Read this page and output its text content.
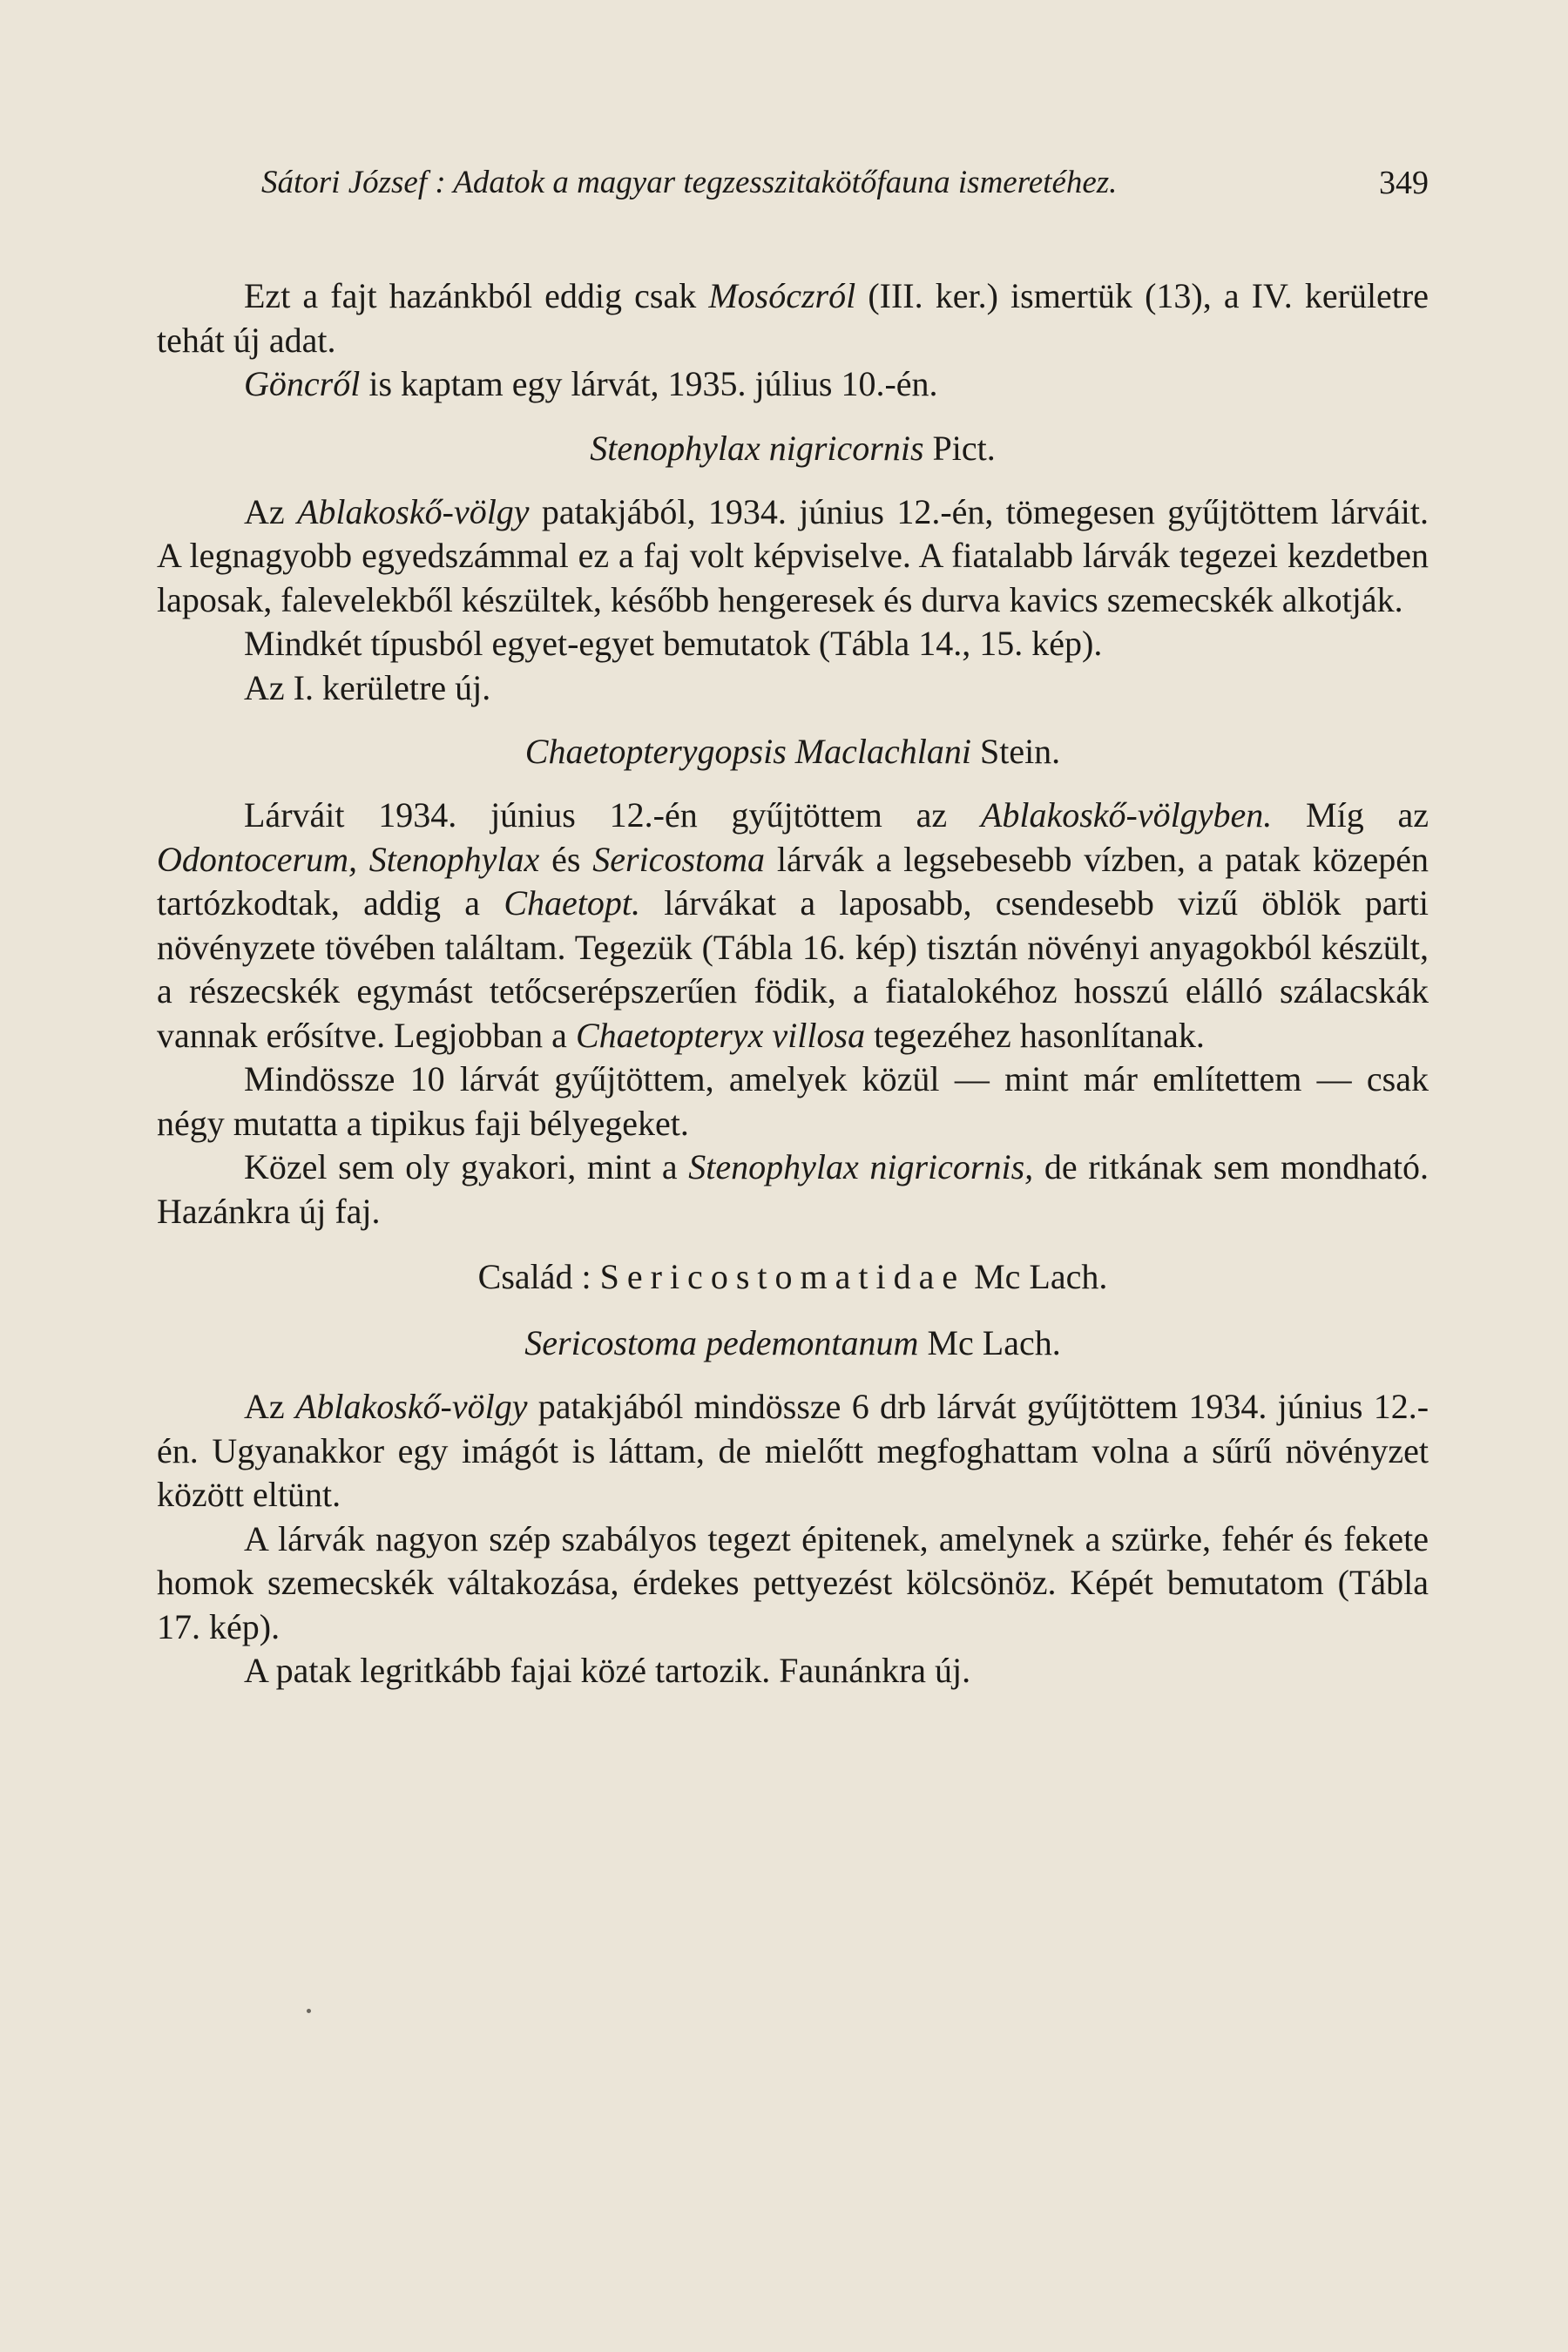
Sátori József : Adatok a magyar tegzesszitakötőfauna ismeretéhez.	349

Ezt a fajt hazánkból eddig csak Mosóczról (III. ker.) ismertük (13), a IV. kerületre tehát új adat.

Göncről is kaptam egy lárvát, 1935. július 10.-én.

Stenophylax nigricornis Pict.

Az Ablakoskő-völgy patakjából, 1934. június 12.-én, tömegesen gyűjtöttem lárváit. A legnagyobb egyedszámmal ez a faj volt képviselve. A fiatalabb lárvák tegezei kezdetben laposak, falevelekből készültek, később hengeresek és durva kavics szemecskék alkotják.

Mindkét típusból egyet-egyet bemutatok (Tábla 14., 15. kép).

Az I. kerületre új.

Chaetopterygopsis Maclachlani Stein.

Lárváit 1934. június 12.-én gyűjtöttem az Ablakoskő-völgyben. Míg az Odontocerum, Stenophylax és Sericostoma lárvák a legsebesebb vízben, a patak közepén tartózkodtak, addig a Chaetopt. lárvákat a laposabb, csendesebb vizű öblök parti növényzete tövében találtam. Tegezük (Tábla 16. kép) tisztán növényi anyagokból készült, a részecskék egymást tetőcserépszerűen födik, a fiatalokéhoz hosszú elálló szálacskák vannak erősítve. Legjobban a Chaetopteryx villosa tegezéhez hasonlítanak.

Mindössze 10 lárvát gyűjtöttem, amelyek közül — mint már említettem — csak négy mutatta a tipikus faji bélyegeket.

Közel sem oly gyakori, mint a Stenophylax nigricornis, de ritkának sem mondható. Hazánkra új faj.

Család : Sericostomatidae Mc Lach.
Sericostoma pedemontanum Mc Lach.

Az Ablakoskő-völgy patakjából mindössze 6 drb lárvát gyűjtöttem 1934. június 12.-én. Ugyanakkor egy imágót is láttam, de mielőtt megfoghattam volna a sűrű növényzet között eltünt.

A lárvák nagyon szép szabályos tegezt épitenek, amelynek a szürke, fehér és fekete homok szemecskék váltakozása, érdekes pettyezést kölcsönöz. Képét bemutatom (Tábla 17. kép).

A patak legritkább fajai közé tartozik. Faunánkra új.
